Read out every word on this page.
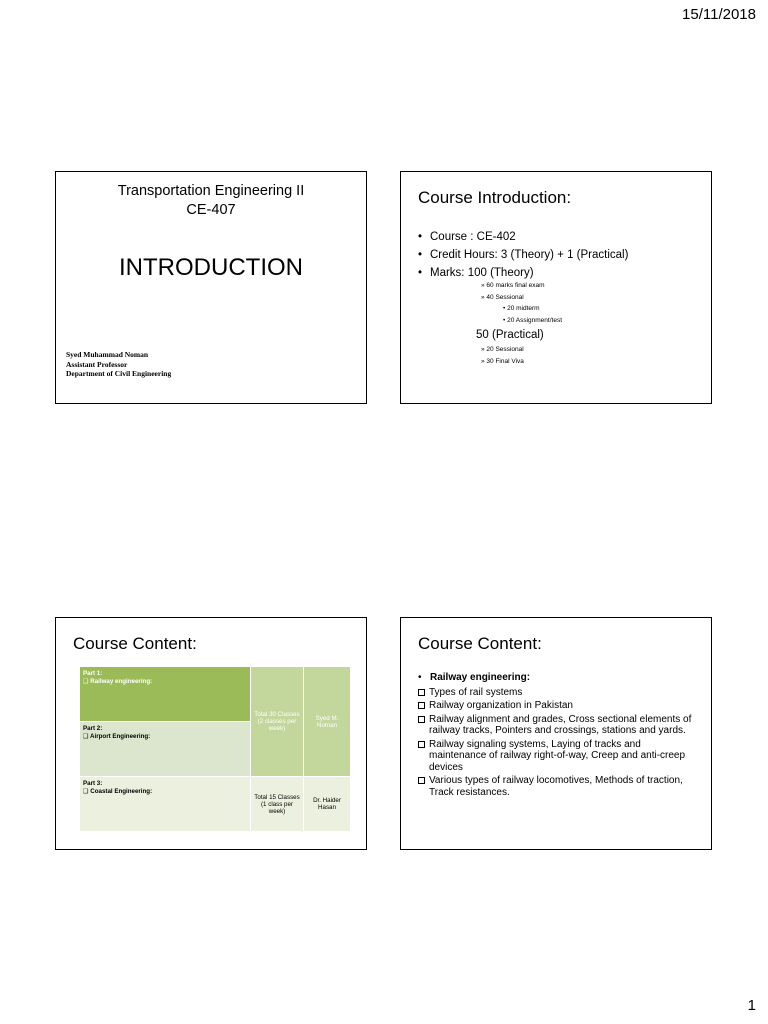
15/11/2018
Transportation Engineering II
CE-407
INTRODUCTION
Syed Muhammad Noman
Assistant Professor
Department of Civil Engineering
Course Introduction:
• Course : CE-402
• Credit Hours: 3 (Theory) + 1 (Practical)
• Marks: 100 (Theory)
» 60 marks final exam
» 40 Sessional
• 20 midterm
• 20 Assignment/test
50 (Practical)
» 20 Sessional
» 30 Final Viva
Course Content:
Part 1:
❑ Railway engineering:	Total 30 Classes (2 classes per week)	Syed M. Noman

Part 2:
❑ Airport Engineering:		

Part 3:
❑ Coastal Engineering:	Total 15 Classes (1 class per week)	Dr. Haider Hasan
Course Content:
• Railway engineering:
Types of rail systems
Railway organization in Pakistan
Railway alignment and grades, Cross sectional elements of railway tracks, Pointers and crossings, stations and yards.
Railway signaling systems, Laying of tracks and maintenance of railway right-of-way, Creep and anti-creep devices
Various types of railway locomotives, Methods of traction, Track resistances.
1
